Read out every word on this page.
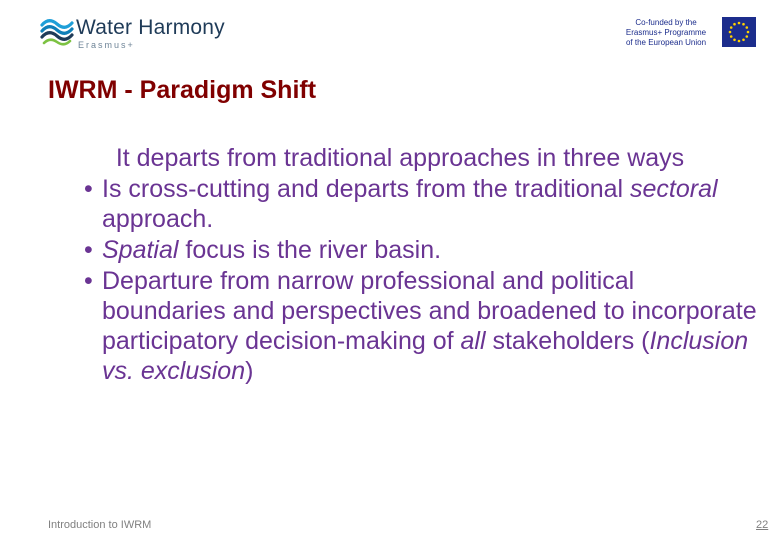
Water Harmony
Erasmus+
Co-funded by the
Erasmus+ Programme
of the European Union
IWRM - Paradigm Shift
It departs from traditional approaches in three ways
• Is cross-cutting and departs from the traditional sectoral approach.
• Spatial focus is the river basin.
• Departure from narrow professional and political boundaries and perspectives and broadened to incorporate participatory decision-making of all stakeholders (Inclusion vs. exclusion)
Introduction to IWRM	22
